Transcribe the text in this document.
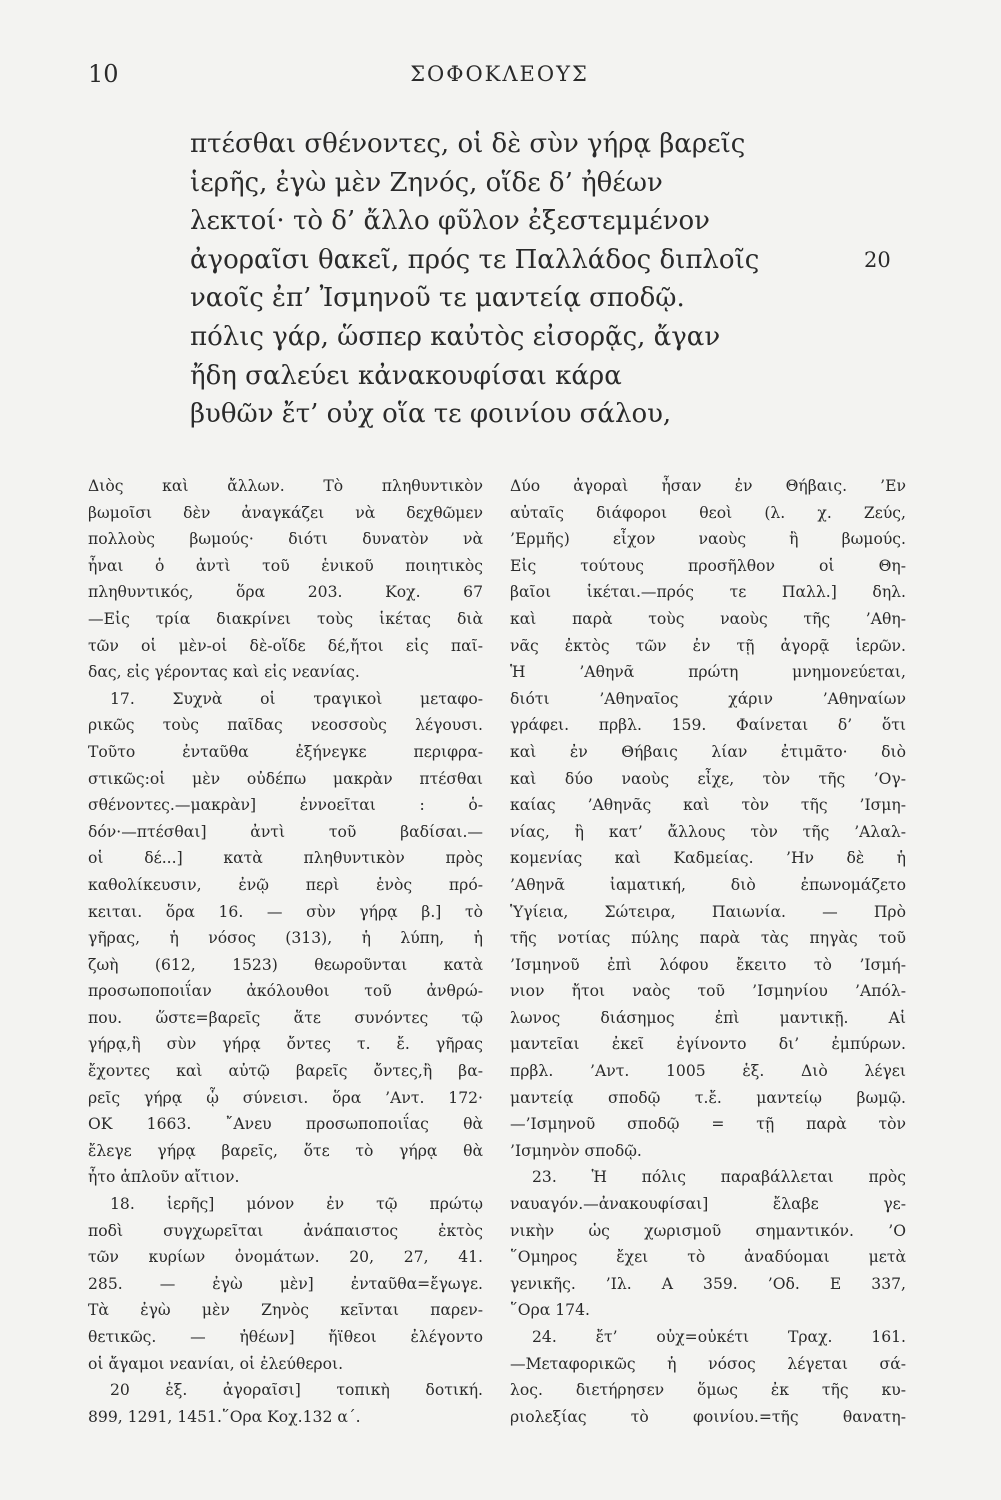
10	ΣΟΦΟΚΛΕΟΥΣ
πτέσθαι σθένοντες, οἱ δὲ σὺν γήρᾳ βαρεῖς
ἱερῆς, ἐγὼ μὲν Ζηνός, οἵδε δ’ ἠθέων
λεκτοί· τὸ δ’ ἄλλο φῦλον ἐξεστεμμένον
ἀγοραῖσι θακεῖ, πρός τε Παλλάδος διπλοῖς	20
ναοῖς ἐπ’ Ἰσμηνοῦ τε μαντείᾳ σποδῷ.
πόλις γάρ, ὥσπερ καὐτὸς εἰσορᾷς, ἄγαν
ἤδη σαλεύει κἀνακουφίσαι κάρα
βυθῶν ἔτ’ οὐχ οἵα τε φοινίου σάλου,
Διὸς καὶ ἄλλων. Τὸ πληθυντικὸν
βωμοῖσι δὲν ἀναγκάζει νὰ δεχθῶμεν
πολλοὺς βωμούς· διότι δυνατὸν νὰ
ἦναι ὁ ἀντὶ τοῦ ἑνικοῦ ποιητικὸς
πληθυντικός, ὅρα 203. Κοχ. 67
—Εἰς τρία διακρίνει τοὺς ἱκέτας διὰ
τῶν οἱ μὲν-οἱ δὲ-οἵδε δέ,ἤτοι εἰς παῖ-
δας, εἰς γέροντας καὶ εἰς νεανίας.
17. Συχνὰ οἱ τραγικοὶ μεταφο-
ρικῶς τοὺς παῖδας νεοσσοὺς λέγουσι.
Τοῦτο ἐνταῦθα ἐξήνεγκε περιφρα-
στικῶς:οἱ μὲν οὐδέπω μακρὰν πτέσθαι
σθένοντες.—μακρὰν] ἐννοεῖται : ὁ-
δόν·—πτέσθαι] ἀντὶ τοῦ βαδίσαι.—
οἱ δέ...] κατὰ πληθυντικὸν πρὸς
καθολίκευσιν, ἐνῷ περὶ ἑνὸς πρό-
κειται. ὅρα 16. — σὺν γήρᾳ β.] τὸ
γῆρας, ἡ νόσος (313), ἡ λύπη, ἡ
ζωὴ (612, 1523) θεωροῦνται κατὰ
προσωποποιΐαν ἀκόλουθοι τοῦ ἀνθρώ-
που. ὥστε=βαρεῖς ἅτε συνόντες τῷ
γήρᾳ,ἢ σὺν γήρᾳ ὄντες τ. ἔ. γῆρας
ἔχοντες καὶ αὐτῷ βαρεῖς ὄντες,ἢ βα-
ρεῖς γήρᾳ ᾧ σύνεισι. ὅρα ’Αντ. 172·
ΟΚ 1663. ῎Ανευ προσωποποιΐας θὰ
ἔλεγε γήρᾳ βαρεῖς, ὅτε τὸ γήρᾳ θὰ
ἦτο ἁπλοῦν αἴτιον.
18. ἱερῆς] μόνον ἐν τῷ πρώτῳ
ποδὶ συγχωρεῖται ἀνάπαιστος ἐκτὸς
τῶν κυρίων ὀνομάτων. 20, 27, 41.
285. — ἐγὼ μὲν] ἐνταῦθα=ἔγωγε.
Τὰ ἐγὼ μὲν Ζηνὸς κεῖνται παρεν-
θετικῶς. — ἠθέων] ἤϊθεοι ἐλέγοντο
οἱ ἄγαμοι νεανίαι, οἱ ἐλεύθεροι.
20 ἑξ. ἀγοραῖσι] τοπικὴ δοτική.
899, 1291, 1451.῞Ορα Κοχ.132 α΄.
Δύο ἀγοραὶ ἦσαν ἐν Θήβαις. ’Εν
αὐταῖς διάφοροι θεοὶ (λ. χ. Ζεύς,
’Ερμῆς) εἶχον ναοὺς ἢ βωμούς.
Εἰς τούτους προσῆλθον οἱ Θη-
βαῖοι ἱκέται.—πρός τε Παλλ.] δηλ.
καὶ παρὰ τοὺς ναοὺς τῆς ’Αθη-
νᾶς ἐκτὸς τῶν ἐν τῇ ἀγορᾷ ἱερῶν.
Ἡ ’Αθηνᾶ πρώτη μνημονεύεται,
διότι ’Αθηναῖος χάριν ’Αθηναίων
γράφει. πρβλ. 159. Φαίνεται δ’ ὅτι
καὶ ἐν Θήβαις λίαν ἐτιμᾶτο· διὸ
καὶ δύο ναοὺς εἶχε, τὸν τῆς ’Ογ-
καίας ’Αθηνᾶς καὶ τὸν τῆς ’Ισμη-
νίας, ἢ κατ’ ἄλλους τὸν τῆς ’Αλαλ-
κομενίας καὶ Καδμείας. ’Ην δὲ ἡ
’Αθηνᾶ ἰαματική, διὸ ἐπωνομάζετο
Ὑγίεια, Σώτειρα, Παιωνία. — Πρὸ
τῆς νοτίας πύλης παρὰ τὰς πηγὰς τοῦ
’Ισμηνοῦ ἐπὶ λόφου ἔκειτο τὸ ’Ισμή-
νιον ἤτοι ναὸς τοῦ ’Ισμηνίου ’Απόλ-
λωνος διάσημος ἐπὶ μαντικῇ. Αἱ
μαντεῖαι ἐκεῖ ἐγίνοντο δι’ ἐμπύρων.
πρβλ. ’Αντ. 1005 ἑξ. Διὸ λέγει
μαντείᾳ σποδῷ τ.ἔ. μαντείῳ βωμῷ.
—’Ισμηνοῦ σποδῷ = τῇ παρὰ τὸν
’Ισμηνὸν σποδῷ.
23. Ἡ πόλις παραβάλλεται πρὸς
ναυαγόν.—ἀνακουφίσαι] ἔλαβε γε-
νικὴν ὡς χωρισμοῦ σημαντικόν. ’Ο
῞Ομηρος ἔχει τὸ ἀναδύομαι μετὰ
γενικῆς. ’Ιλ. Α 359. ’Οδ. Ε 337,
῞Ορα 174.
24. ἔτ’ οὐχ=οὐκέτι Τραχ. 161.
—Μεταφορικῶς ἡ νόσος λέγεται σά-
λος. διετήρησεν ὅμως ἐκ τῆς κυ-
ριολεξίας τὸ φοινίου.=τῆς θανατη-
